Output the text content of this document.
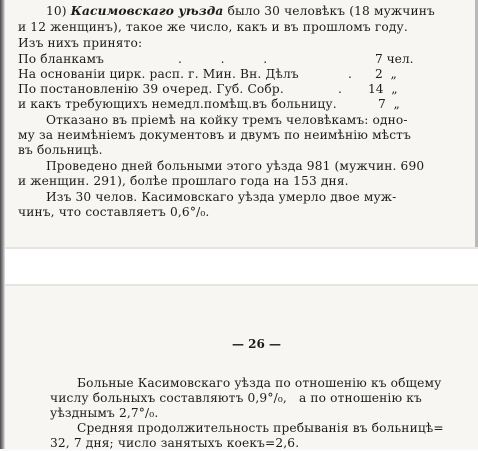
10) Касимовскаго уѣзда было 30 человѣкъ (18 мужчинъ
и 12 женщинъ), такое же число, какъ и въ прошломъ году.
Изъ нихъ принято:
По бланкамъ	.          .          .	7 чел.
На основаніи цирк. расп. г. Мин. Вн. Дѣлъ	. 2  „
По постановленію 39 очеред. Губ. Собр.	. 14  „
и какъ требующихъ немедл.помѣщ.въ больницу.	7  „
Отказано въ пріемѣ на койку тремъ человѣкамъ: одно-
му за неимѣніемъ документовъ и двумъ по неимѣнію мѣстъ
въ больницѣ.
Проведено дней больными этого уѣзда 981 (мужчин. 690
и женщин. 291), болѣе прошлаго года на 153 дня.
Изъ 30 челов. Касимовскаго уѣзда умерло двое муж-
чинъ, что составляетъ 0,6°/₀.
— 26 —
Больные Касимовскаго уѣзда по отношенію къ общему
числу больныхъ составляютъ 0,9°/₀,   а по отношенію къ
уѣзднымъ 2,7°/₀.
Средняя продолжительность пребыванія въ больницѣ=
32, 7 дня; число занятыхъ коекъ=2,6.
